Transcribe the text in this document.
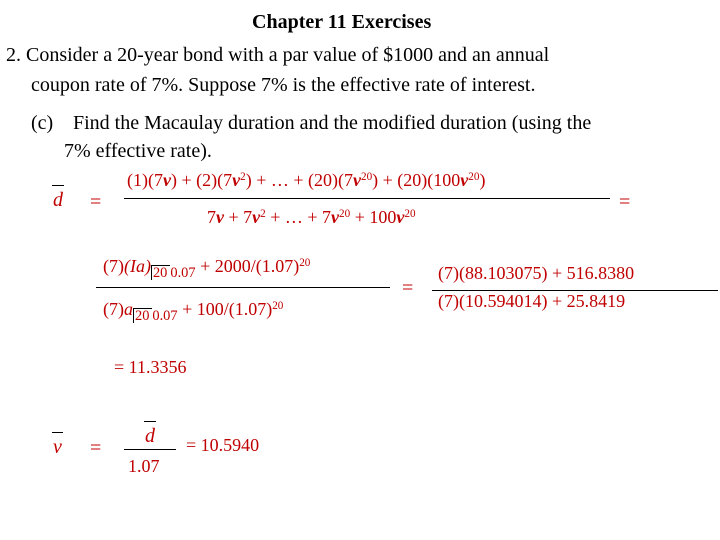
Chapter 11 Exercises
2. Consider a 20-year bond with a par value of $1000 and an annual
coupon rate of 7%. Suppose 7% is the effective rate of interest.
(c) Find the Macaulay duration and the modified duration (using the
7% effective rate).
d =
$(1)(7v) + (2)(7v^2)$ + … + $(20)(7v^{20}) + (20)(100v^{20})$
$7v + 7v^2$ + … + $7v^{20} + 100v^{20}$
=
(7)(Ia) $_{20 0.07} + 2000/(1.07)^{20}$
(7)a $_{20 0.07} + 100/(1.07)^{20}$
=
(7)(88.103075) + 516.8380
(7)(10.594014) + 25.8419
= 11.3356
v =
d
1.07
= 10.5940
